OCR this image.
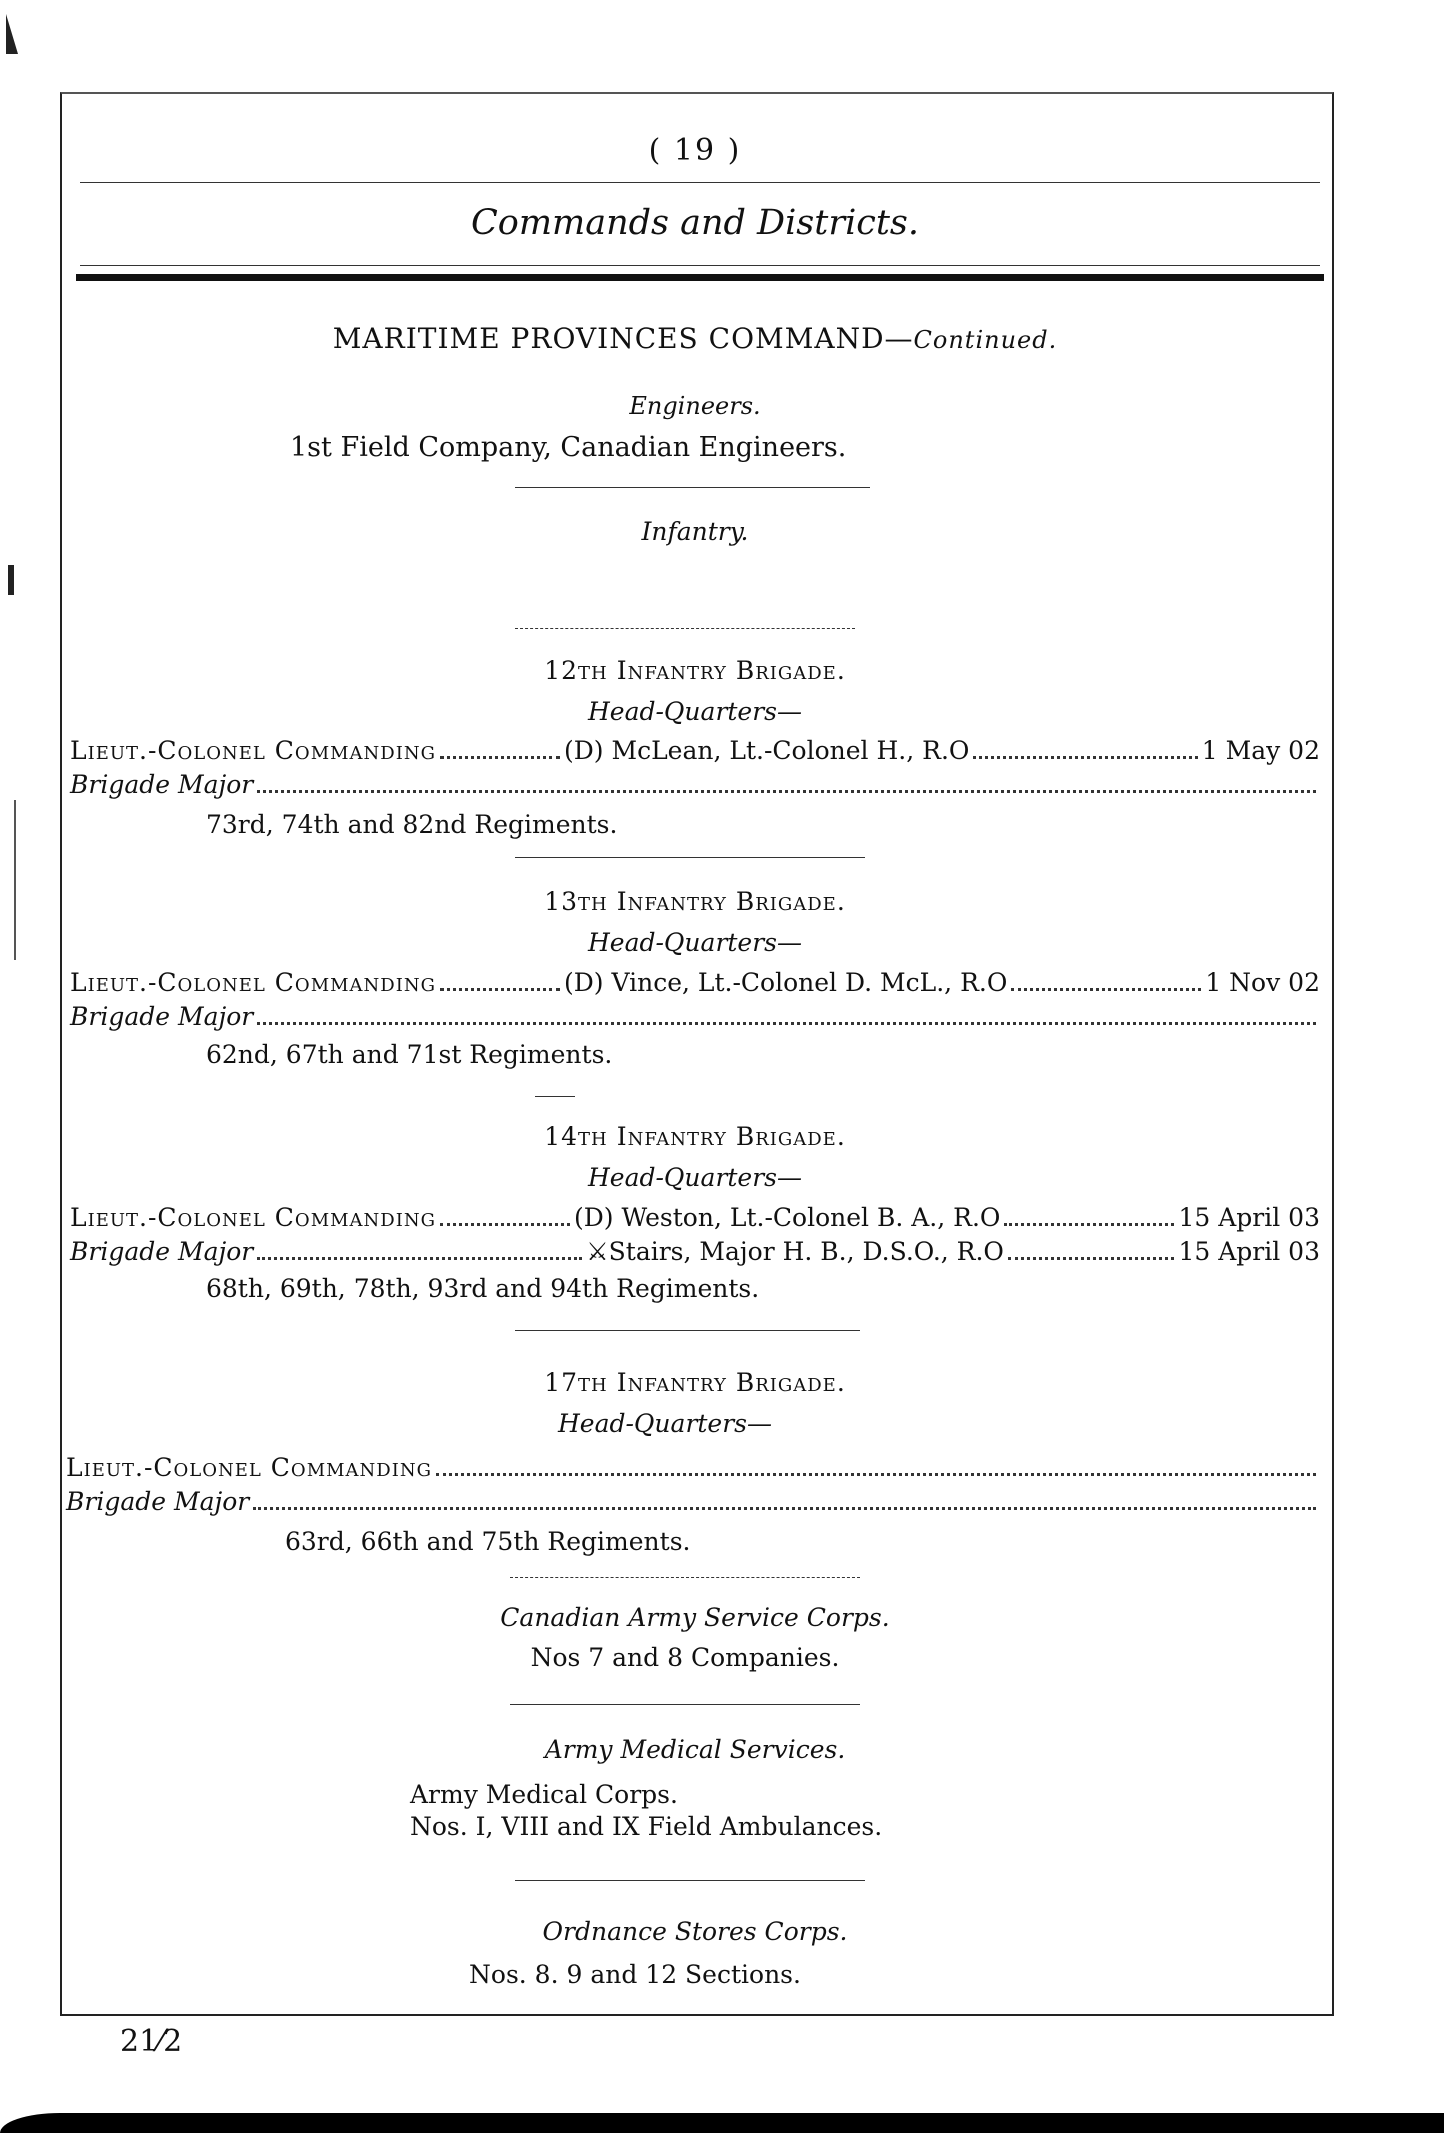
( 19 )
Commands and Districts.
MARITIME PROVINCES COMMAND—Continued.
Engineers.
1st Field Company, Canadian Engineers.
Infantry.
12th Infantry Brigade.
Head-Quarters—
Lieut.-Colonel Commanding	(D) McLean, Lt.-Colonel H., R.O	1 May 02
Brigade Major
73rd, 74th and 82nd Regiments.
13th Infantry Brigade.
Head-Quarters—
Lieut.-Colonel Commanding	(D) Vince, Lt.-Colonel D. McL., R.O	1 Nov 02
Brigade Major
62nd, 67th and 71st Regiments.
14th Infantry Brigade.
Head-Quarters—
Lieut.-Colonel Commanding	(D) Weston, Lt.-Colonel B. A., R.O	15 April 03
Brigade Major	⚔Stairs, Major H. B., D.S.O., R.O	15 April 03
68th, 69th, 78th, 93rd and 94th Regiments.
17th Infantry Brigade.
Head-Quarters—
Lieut.-Colonel Commanding
Brigade Major
63rd, 66th and 75th Regiments.
Canadian Army Service Corps.
Nos 7 and 8 Companies.
Army Medical Services.
Army Medical Corps.
Nos. I, VIII and IX Field Ambulances.
Ordnance Stores Corps.
Nos. 8. 9 and 12 Sections.
21⁄2
